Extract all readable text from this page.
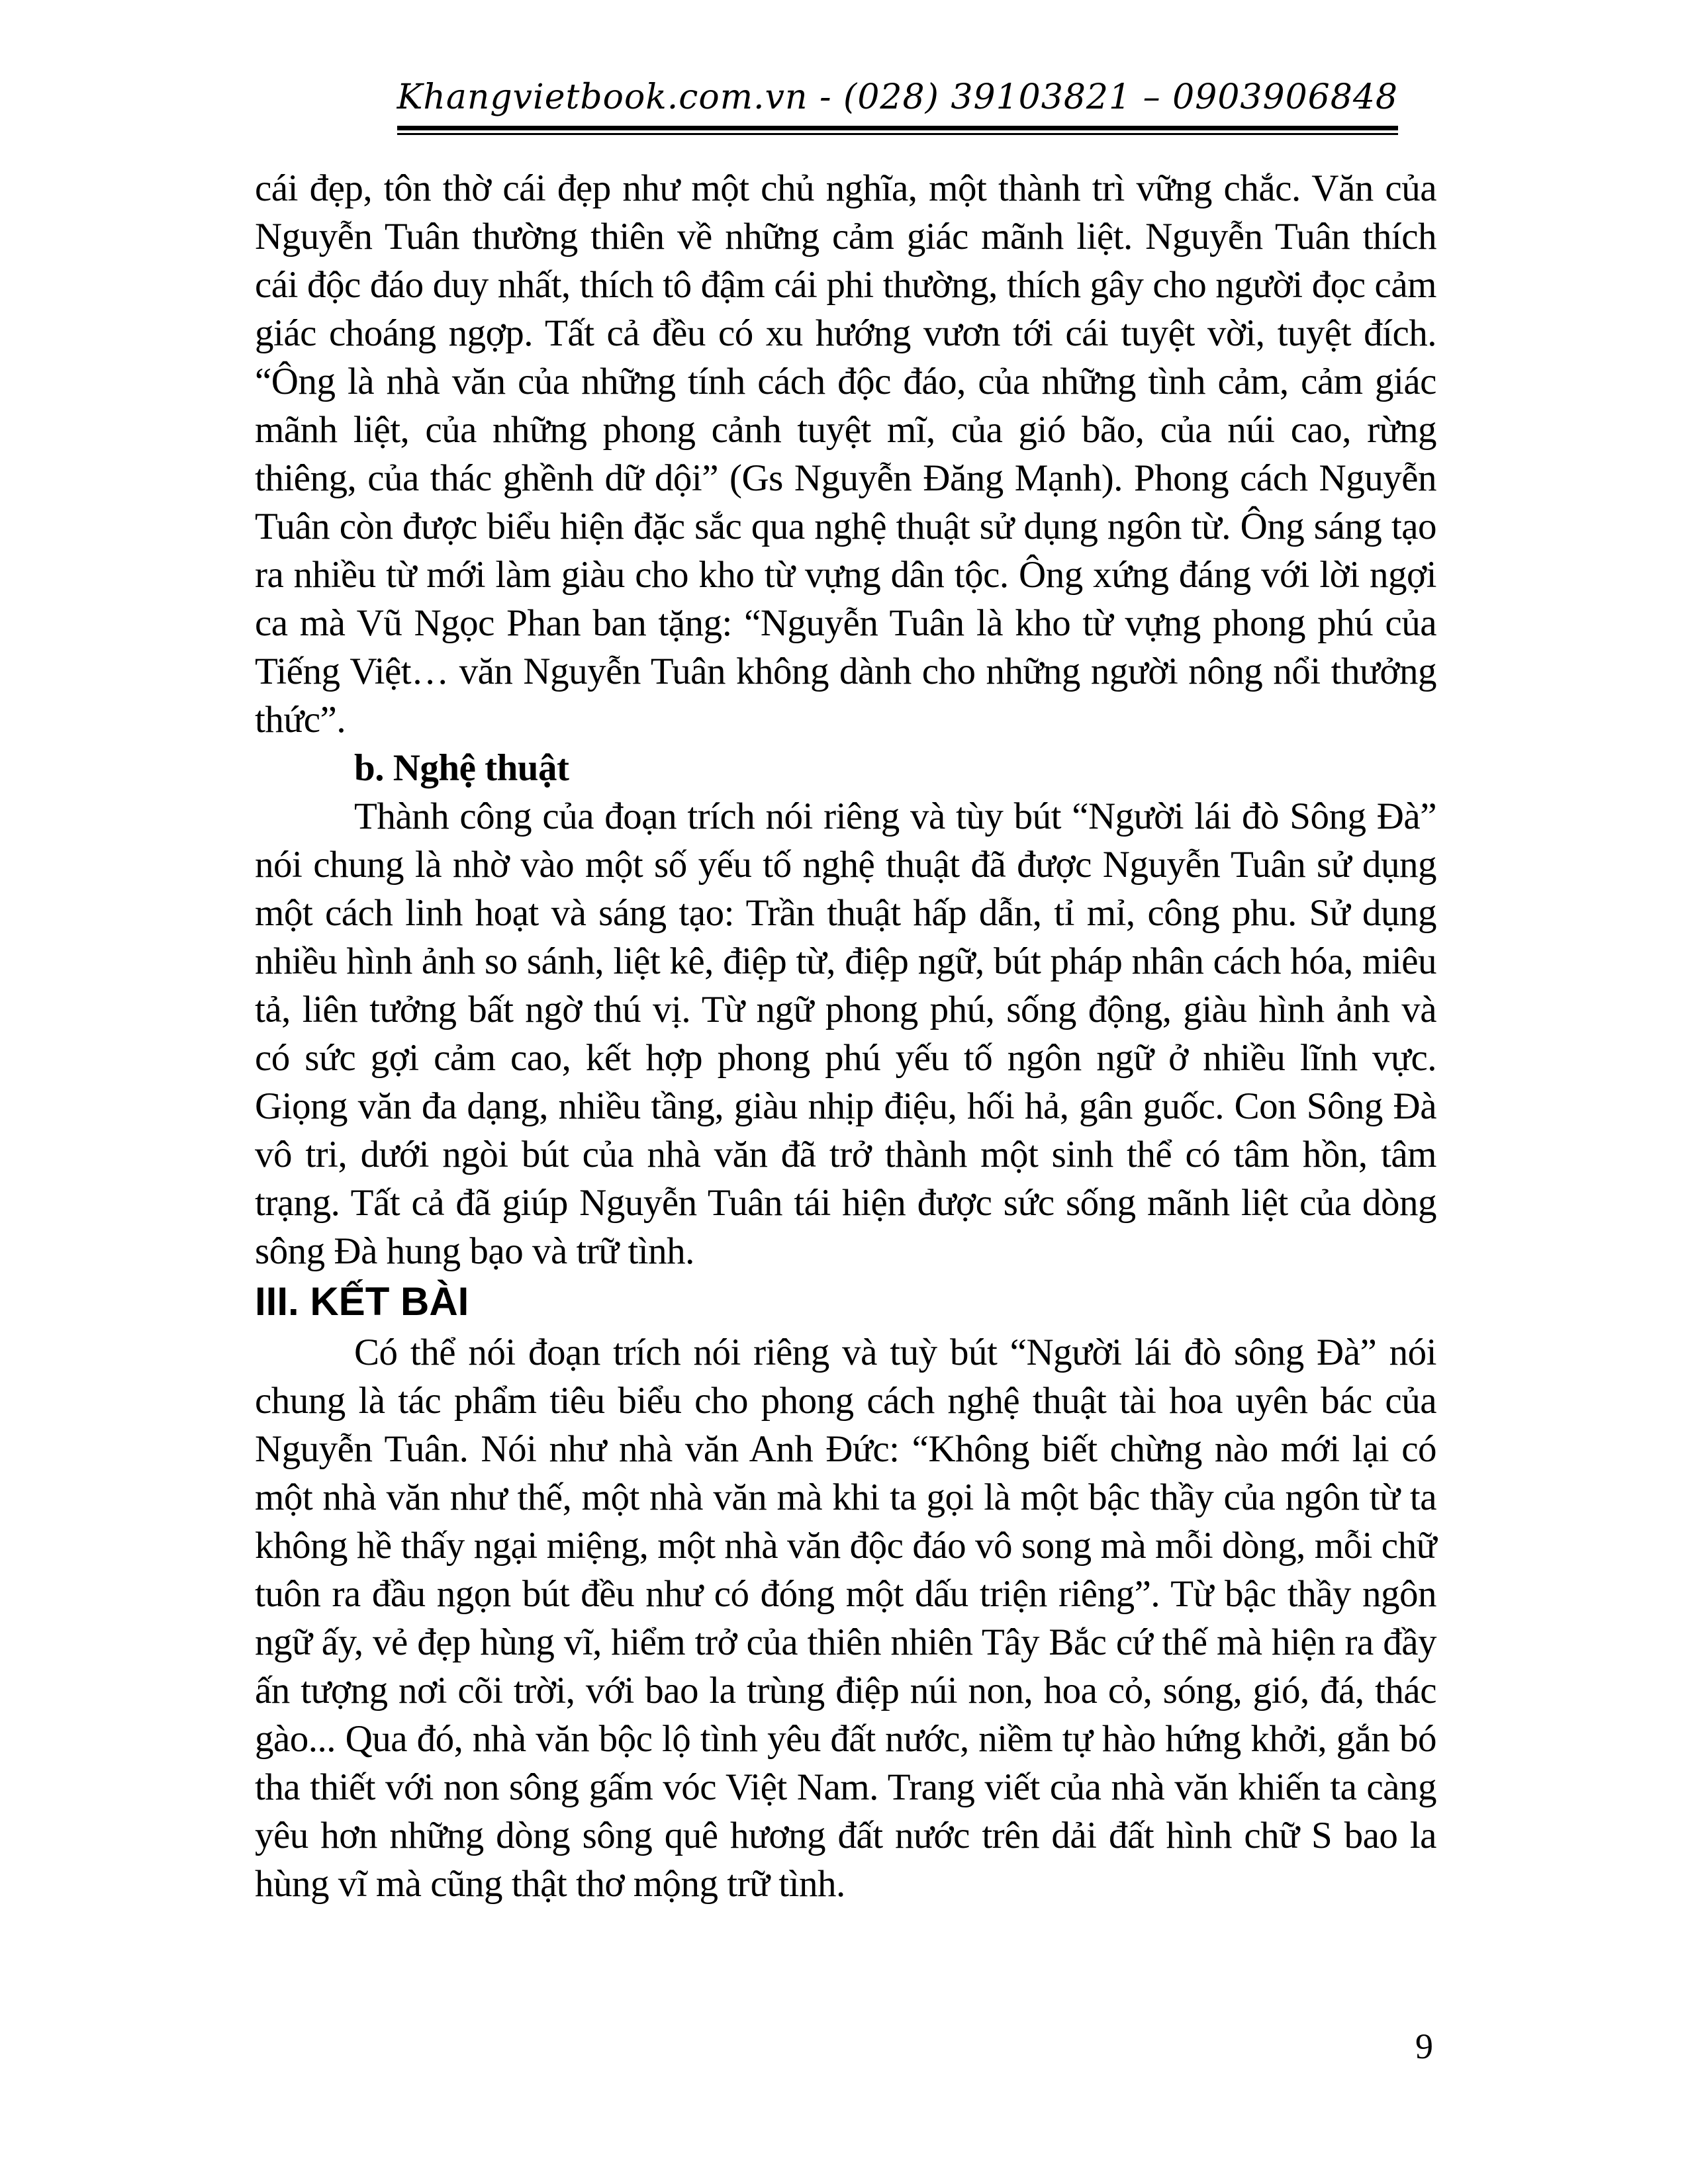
Khangvietbook.com.vn - (028) 39103821 – 0903906848

cái đẹp, tôn thờ cái đẹp như một chủ nghĩa, một thành trì vững chắc. Văn của Nguyễn Tuân thường thiên về những cảm giác mãnh liệt. Nguyễn Tuân thích cái độc đáo duy nhất, thích tô đậm cái phi thường, thích gây cho người đọc cảm giác choáng ngợp. Tất cả đều có xu hướng vươn tới cái tuyệt vời, tuyệt đích. “Ông là nhà văn của những tính cách độc đáo, của những tình cảm, cảm giác mãnh liệt, của những phong cảnh tuyệt mĩ, của gió bão, của núi cao, rừng thiêng, của thác ghềnh dữ dội” (Gs Nguyễn Đăng Mạnh). Phong cách Nguyễn Tuân còn được biểu hiện đặc sắc qua nghệ thuật sử dụng ngôn từ. Ông sáng tạo ra nhiều từ mới làm giàu cho kho từ vựng dân tộc. Ông xứng đáng với lời ngợi ca mà Vũ Ngọc Phan ban tặng: “Nguyễn Tuân là kho từ vựng phong phú của Tiếng Việt… văn Nguyễn Tuân không dành cho những người nông nổi thưởng thức”.

b. Nghệ thuật

Thành công của đoạn trích nói riêng và tùy bút “Người lái đò Sông Đà” nói chung là nhờ vào một số yếu tố nghệ thuật đã được Nguyễn Tuân sử dụng một cách linh hoạt và sáng tạo: Trần thuật hấp dẫn, tỉ mỉ, công phu. Sử dụng nhiều hình ảnh so sánh, liệt kê, điệp từ, điệp ngữ, bút pháp nhân cách hóa, miêu tả, liên tưởng bất ngờ thú vị. Từ ngữ phong phú, sống động, giàu hình ảnh và có sức gợi cảm cao, kết hợp phong phú yếu tố ngôn ngữ ở nhiều lĩnh vực. Giọng văn đa dạng, nhiều tầng, giàu nhịp điệu, hối hả, gân guốc. Con Sông Đà vô tri, dưới ngòi bút của nhà văn đã trở thành một sinh thể có tâm hồn, tâm trạng. Tất cả đã giúp Nguyễn Tuân tái hiện được sức sống mãnh liệt của dòng sông Đà hung bạo và trữ tình.

III. KẾT BÀI

Có thể nói đoạn trích nói riêng và tuỳ bút “Người lái đò sông Đà” nói chung là tác phẩm tiêu biểu cho phong cách nghệ thuật tài hoa uyên bác của Nguyễn Tuân. Nói như nhà văn Anh Đức: “Không biết chừng nào mới lại có một nhà văn như thế, một nhà văn mà khi ta gọi là một bậc thầy của ngôn từ ta không hề thấy ngại miệng, một nhà văn độc đáo vô song mà mỗi dòng, mỗi chữ tuôn ra đầu ngọn bút đều như có đóng một dấu triện riêng”. Từ bậc thầy ngôn ngữ ấy, vẻ đẹp hùng vĩ, hiểm trở của thiên nhiên Tây Bắc cứ thế mà hiện ra đầy ấn tượng nơi cõi trời, với bao la trùng điệp núi non, hoa cỏ, sóng, gió, đá, thác gào... Qua đó, nhà văn bộc lộ tình yêu đất nước, niềm tự hào hứng khởi, gắn bó tha thiết với non sông gấm vóc Việt Nam. Trang viết của nhà văn khiến ta càng yêu hơn những dòng sông quê hương đất nước trên dải đất hình chữ S bao la hùng vĩ mà cũng thật thơ mộng trữ tình.

9
